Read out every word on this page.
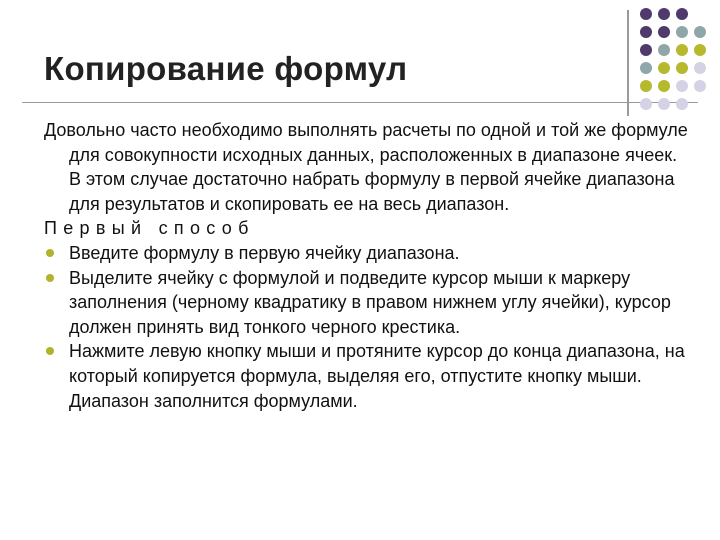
Копирование формул

Довольно часто необходимо выполнять расчеты по одной и той же формуле для совокупности исходных данных, расположенных в диапазоне ячеек. В этом случае достаточно набрать формулу в первой ячейке диапазона для результатов и скопировать ее на весь диапазон.

Первый способ

Введите формулу в первую ячейку диапазона.

Выделите ячейку с формулой и подведите курсор мыши к маркеру заполнения (черному квадратику в правом нижнем углу ячейки), курсор должен принять вид тонкого черного крестика.

Нажмите левую кнопку мыши и протяните курсор до конца диапазона, на который копируется формула, выделяя его, отпустите кнопку мыши. Диапазон заполнится формулами.
